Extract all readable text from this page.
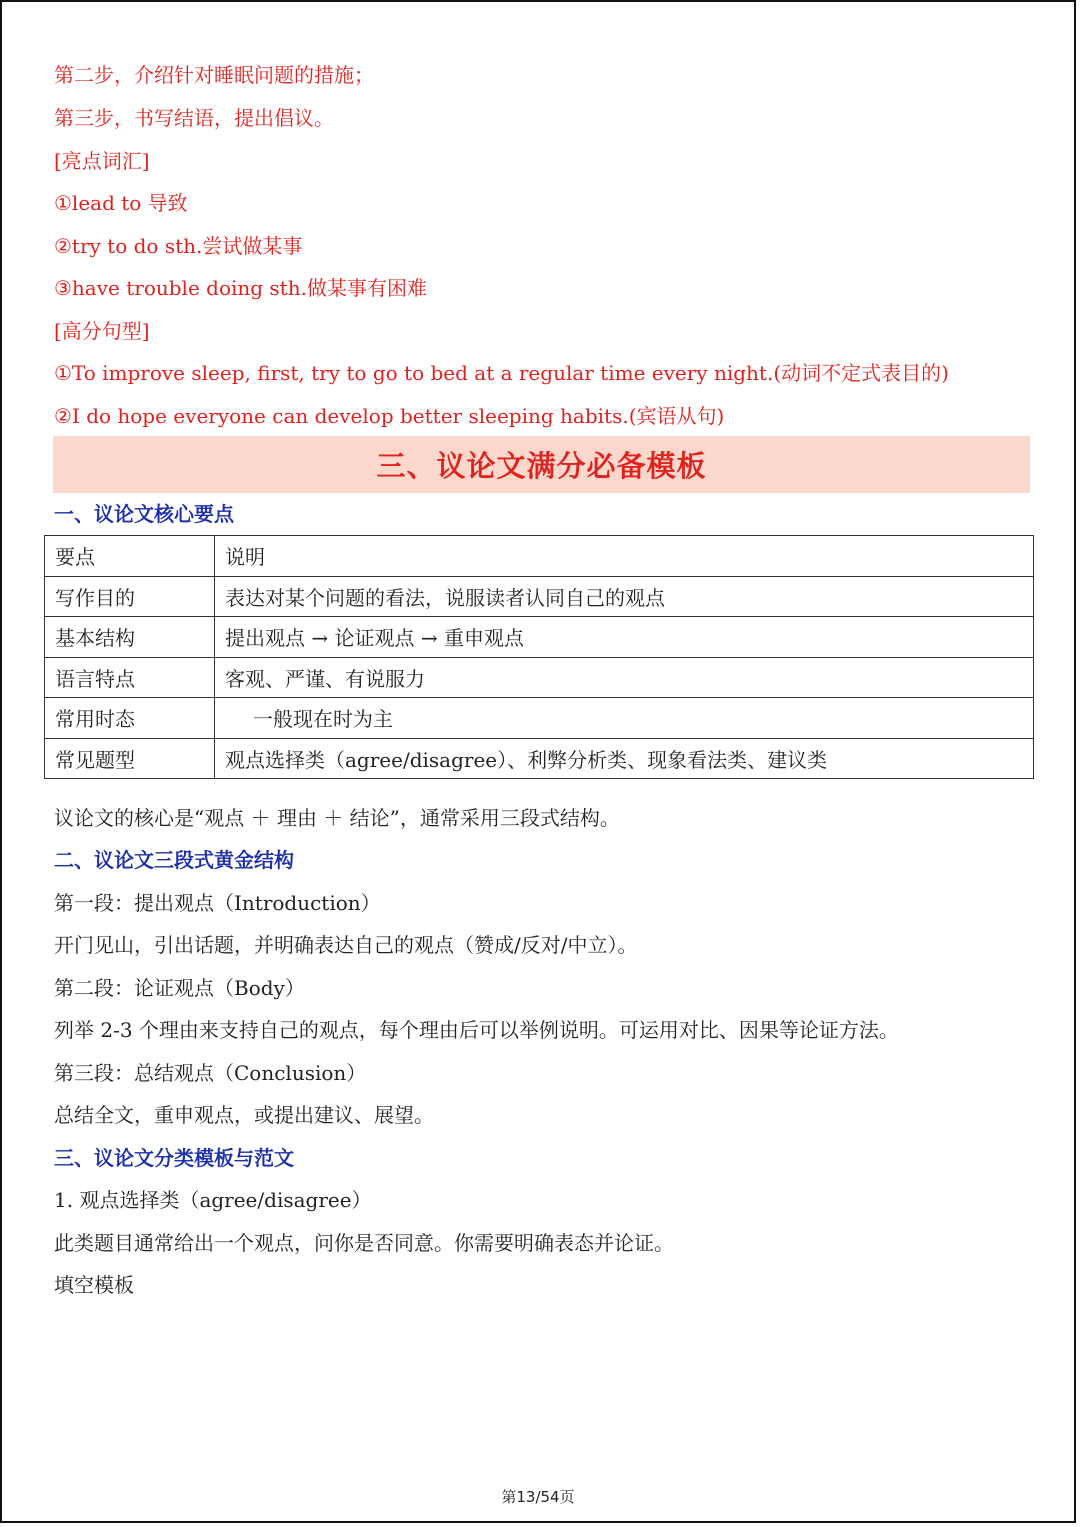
第二步，介绍针对睡眠问题的措施；
第三步，书写结语，提出倡议。
[亮点词汇]
①lead to 导致
②try to do sth.尝试做某事
③have trouble doing sth.做某事有困难
[高分句型]
①To improve sleep, first, try to go to bed at a regular time every night.(动词不定式表目的)
②I do hope everyone can develop better sleeping habits.(宾语从句)
三、议论文满分必备模板
一、议论文核心要点
要点	说明
写作目的	表达对某个问题的看法，说服读者认同自己的观点
基本结构	提出观点 → 论证观点 → 重申观点
语言特点	客观、严谨、有说服力
常用时态	一般现在时为主
常见题型	观点选择类（agree/disagree）、利弊分析类、现象看法类、建议类
议论文的核心是“观点 ＋ 理由 ＋ 结论”，通常采用三段式结构。
二、议论文三段式黄金结构
第一段：提出观点（Introduction）
开门见山，引出话题，并明确表达自己的观点（赞成/反对/中立）。
第二段：论证观点（Body）
列举 2-3 个理由来支持自己的观点，每个理由后可以举例说明。可运用对比、因果等论证方法。
第三段：总结观点（Conclusion）
总结全文，重申观点，或提出建议、展望。
三、议论文分类模板与范文
1. 观点选择类（agree/disagree）
此类题目通常给出一个观点，问你是否同意。你需要明确表态并论证。
填空模板
第13/54页
